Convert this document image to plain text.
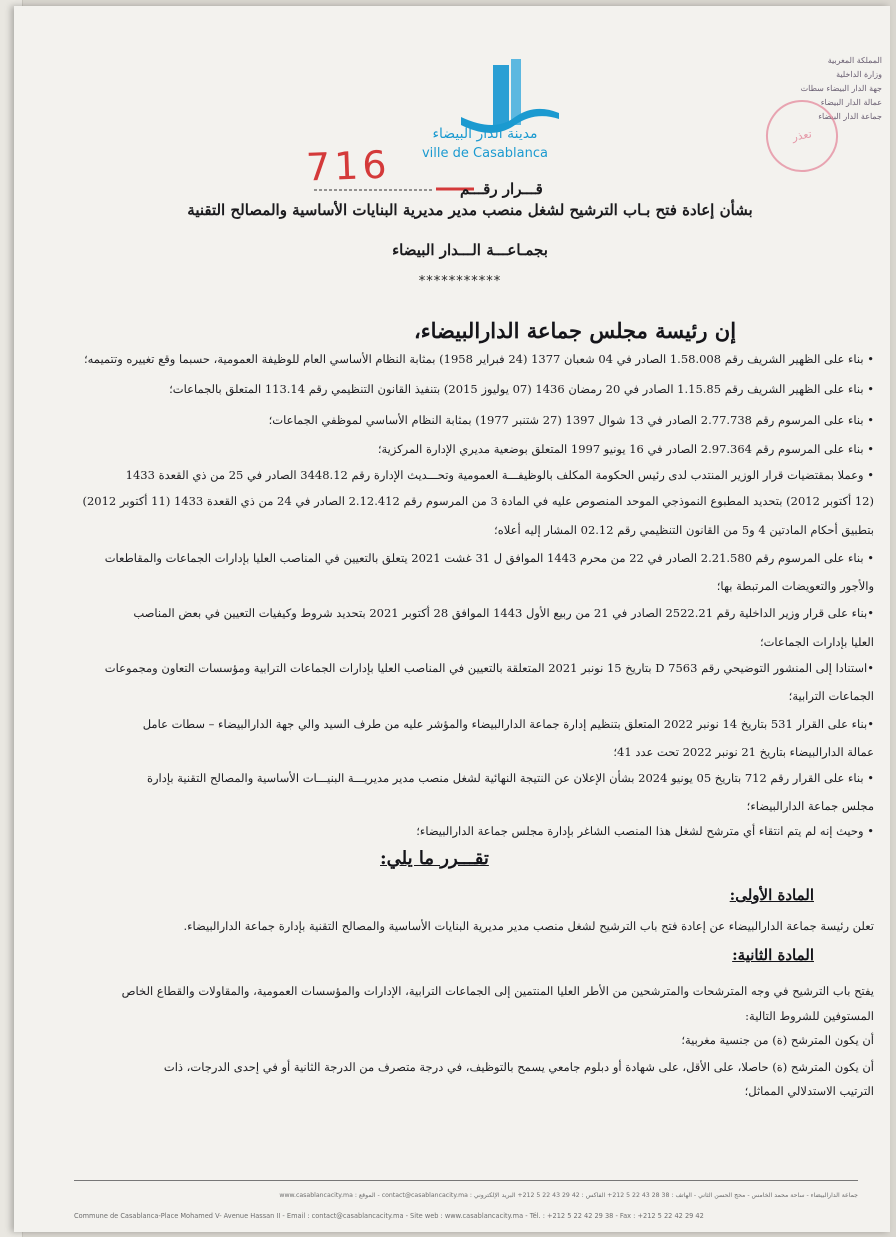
مدينة الدار البيضاء
ville de Casablanca
المملكة المغربية
وزارة الداخلية
جهة الدار البيضاء سطات
عمالة الدار البيضاء
جماعة الدار البيضاء
تعذر
716	قـــرار رقـــم
بشأن إعادة فتح بـاب الترشيح لشغل منصب مدير مديرية البنايات الأساسية والمصالح التقنية
بجمـاعـــة الـــدار البيضاء
***********
إن رئيسة مجلس جماعة الدارالبيضاء،
• بناء على الظهير الشريف رقم 1.58.008 الصادر في 04 شعبان 1377 (24 فبراير 1958) بمثابة النظام الأساسي العام للوظيفة العمومية، حسبما وقع تغييره وتتميمه؛
• بناء على الظهير الشريف رقم 1.15.85 الصادر في 20 رمضان 1436 (07 يوليوز 2015) بتنفيذ القانون التنظيمي رقم 113.14 المتعلق بالجماعات؛
• بناء على المرسوم رقم 2.77.738 الصادر في 13 شوال 1397 (27 شتنبر 1977) بمثابة النظام الأساسي لموظفي الجماعات؛
• بناء على المرسوم رقم 2.97.364 الصادر في 16 يونيو 1997 المتعلق بوضعية مديري الإدارة المركزية؛
• وعملا بمقتضيات قرار الوزير المنتدب لدى رئيس الحكومة المكلف بالوظيفـــة العمومية وتحـــديث الإدارة رقم 3448.12 الصادر في 25 من ذي القعدة 1433
(12 أكتوبر 2012) بتحديد المطبوع النموذجي الموحد المنصوص عليه في المادة 3 من المرسوم رقم 2.12.412 الصادر في 24 من ذي القعدة 1433 (11 أكتوبر 2012)
بتطبيق أحكام المادتين 4 و5 من القانون التنظيمي رقم 02.12 المشار إليه أعلاه؛
• بناء على المرسوم رقم 2.21.580 الصادر في 22 من محرم 1443 الموافق ل 31 غشت 2021 يتعلق بالتعيين في المناصب العليا بإدارات الجماعات والمقاطعات
والأجور والتعويضات المرتبطة بها؛
•بناء على قرار وزير الداخلية رقم 2522.21 الصادر في 21 من ربيع الأول 1443 الموافق 28 أكتوبر 2021 بتحديد شروط وكيفيات التعيين في بعض المناصب
العليا بإدارات الجماعات؛
•استنادا إلى المنشور التوضيحي رقم D 7563 بتاريخ 15 نونبر 2021 المتعلقة بالتعيين في المناصب العليا بإدارات الجماعات الترابية ومؤسسات التعاون ومجموعات
الجماعات الترابية؛
•بناء على القرار 531 بتاريخ 14 نونبر 2022 المتعلق بتنظيم إدارة جماعة الدارالبيضاء والمؤشر عليه من طرف السيد والي جهة الدارالبيضاء – سطات عامل
عمالة الدارالبيضاء بتاريخ 21 نونبر 2022 تحت عدد 41؛
• بناء على القرار رقم 712 بتاريخ 05 يونيو 2024 بشأن الإعلان عن النتيجة النهائية لشغل منصب مدير مديريـــة البنيـــات الأساسية والمصالح التقنية بإدارة
مجلس جماعة الدارالبيضاء؛
• وحيث إنه لم يتم انتقاء أي مترشح لشغل هذا المنصب الشاغر بإدارة مجلس جماعة الدارالبيضاء؛
تقـــرر ما يلي:
المادة الأولى:
تعلن رئيسة جماعة الدارالبيضاء عن إعادة فتح باب الترشيح لشغل منصب مدير مديرية البنايات الأساسية والمصالح التقنية بإدارة جماعة الدارالبيضاء.
المادة الثانية:
يفتح باب الترشيح في وجه المترشحات والمترشحين من الأطر العليا المنتمين إلى الجماعات الترابية، الإدارات والمؤسسات العمومية، والمقاولات والقطاع الخاص
المستوفين للشروط التالية:
أن يكون المترشح (ة) من جنسية مغربية؛
أن يكون المترشح (ة) حاصلا، على الأقل، على شهادة أو دبلوم جامعي يسمح بالتوظيف، في درجة متصرف من الدرجة الثانية أو في إحدى الدرجات، ذات
الترتيب الاستدلالي المماثل؛
جماعة الدارالبيضاء - ساحة محمد الخامس - محج الحسن الثاني - الهاتف : 38 28 43 22 5 212+ الفاكس : 42 29 43 22 5 212+ البريد الإلكتروني : contact@casablancacity.ma - الموقع : www.casablancacity.ma
Commune de Casablanca-Place Mohamed V- Avenue Hassan II - Email : contact@casablancacity.ma - Site web : www.casablancacity.ma - Tél. : +212 5 22 42 29 38 - Fax : +212 5 22 42 29 42
